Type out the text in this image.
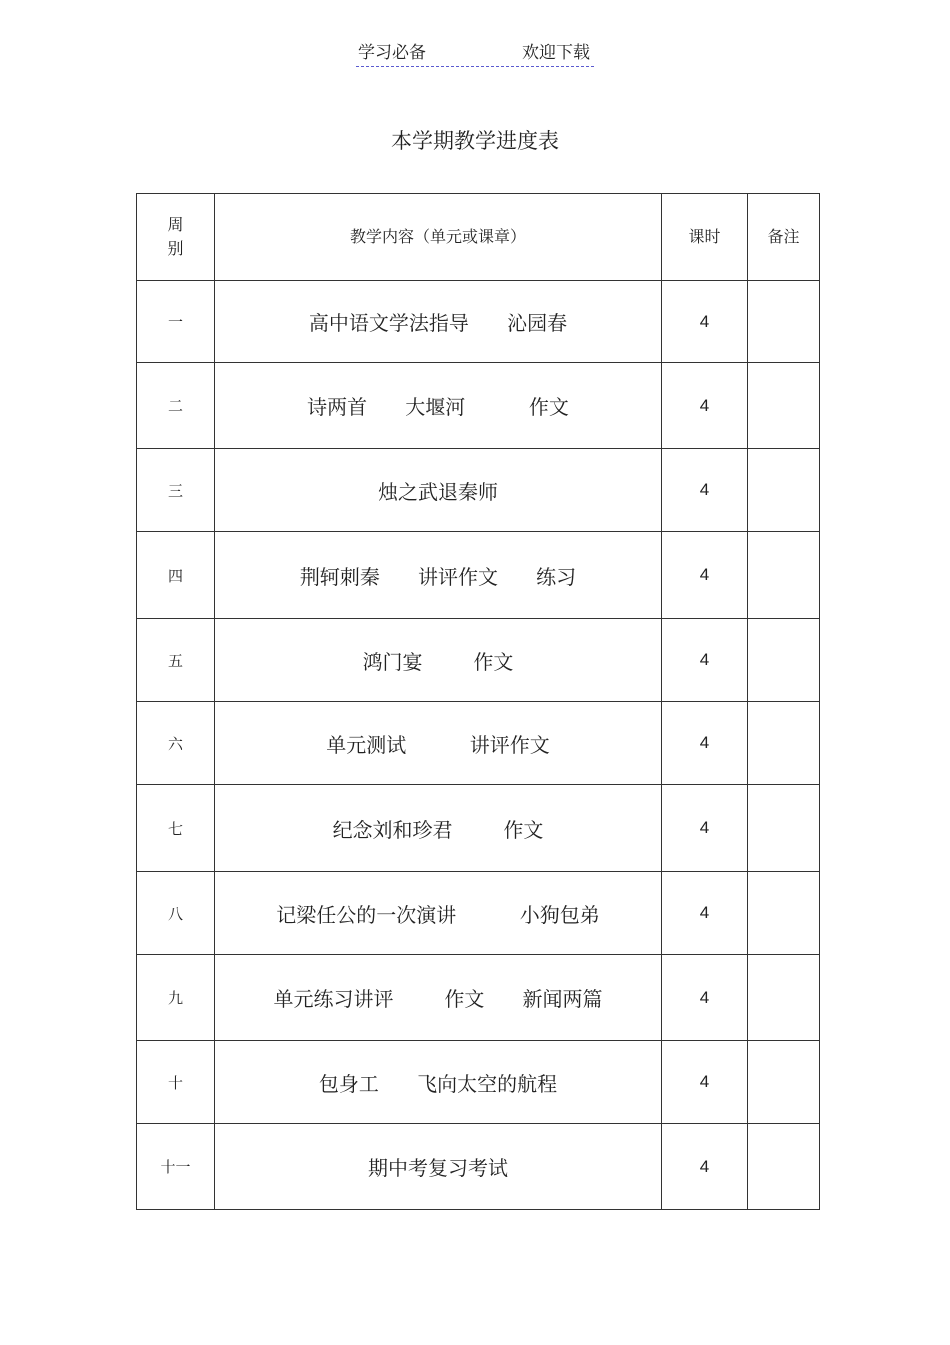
学习必备	欢迎下载
本学期教学进度表
周
别	教学内容（单元或课章）	课时	备注
一	高中语文学法指导      沁园春	4	
二	诗两首      大堰河          作文	4	
三	烛之武退秦师	4	
四	荆轲刺秦      讲评作文      练习	4	
五	鸿门宴        作文	4	
六	单元测试          讲评作文	4	
七	纪念刘和珍君        作文	4	
八	记梁任公的一次演讲          小狗包弟	4	
九	单元练习讲评        作文      新闻两篇	4	
十	包身工      飞向太空的航程	4	
十一	期中考复习考试	4	
